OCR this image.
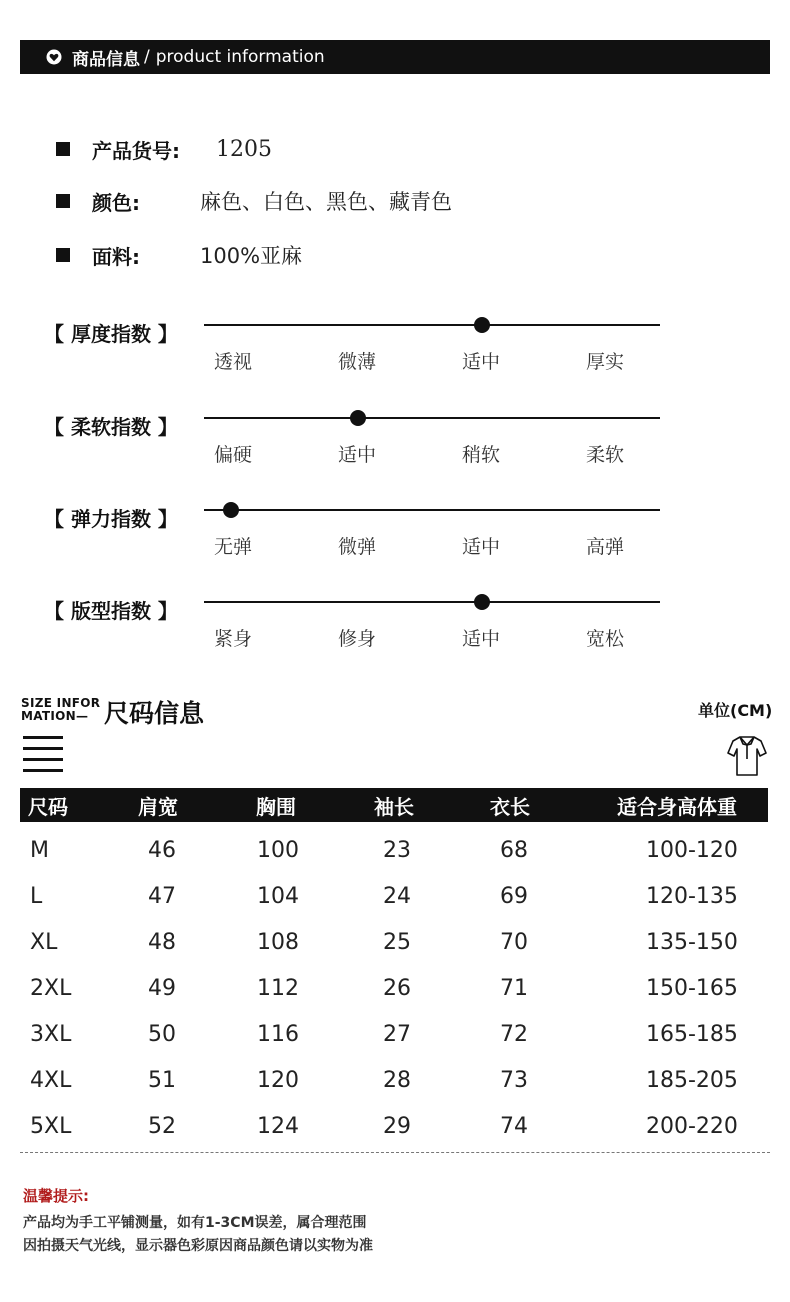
商品信息 / product information
产品货号:	1205
颜色:	麻色、白色、黑色、藏青色
面料:	100%亚麻
【 厚度指数 】
透视	微薄	适中	厚实
【 柔软指数 】
偏硬	适中	稍软	柔软
【 弹力指数 】
无弹	微弹	适中	高弹
【 版型指数 】
紧身	修身	适中	宽松
SIZE INFOR
MATION— 尺码信息	单位(CM)
尺码	肩宽	胸围	袖长	衣长	适合身高体重
M	46	100	23	68	100-120
L	47	104	24	69	120-135
XL	48	108	25	70	135-150
2XL	49	112	26	71	150-165
3XL	50	116	27	72	165-185
4XL	51	120	28	73	185-205
5XL	52	124	29	74	200-220
温馨提示:
产品均为手工平铺测量，如有1-3CM误差，属合理范围
因拍摄天气光线，显示器色彩原因商品颜色请以实物为准
